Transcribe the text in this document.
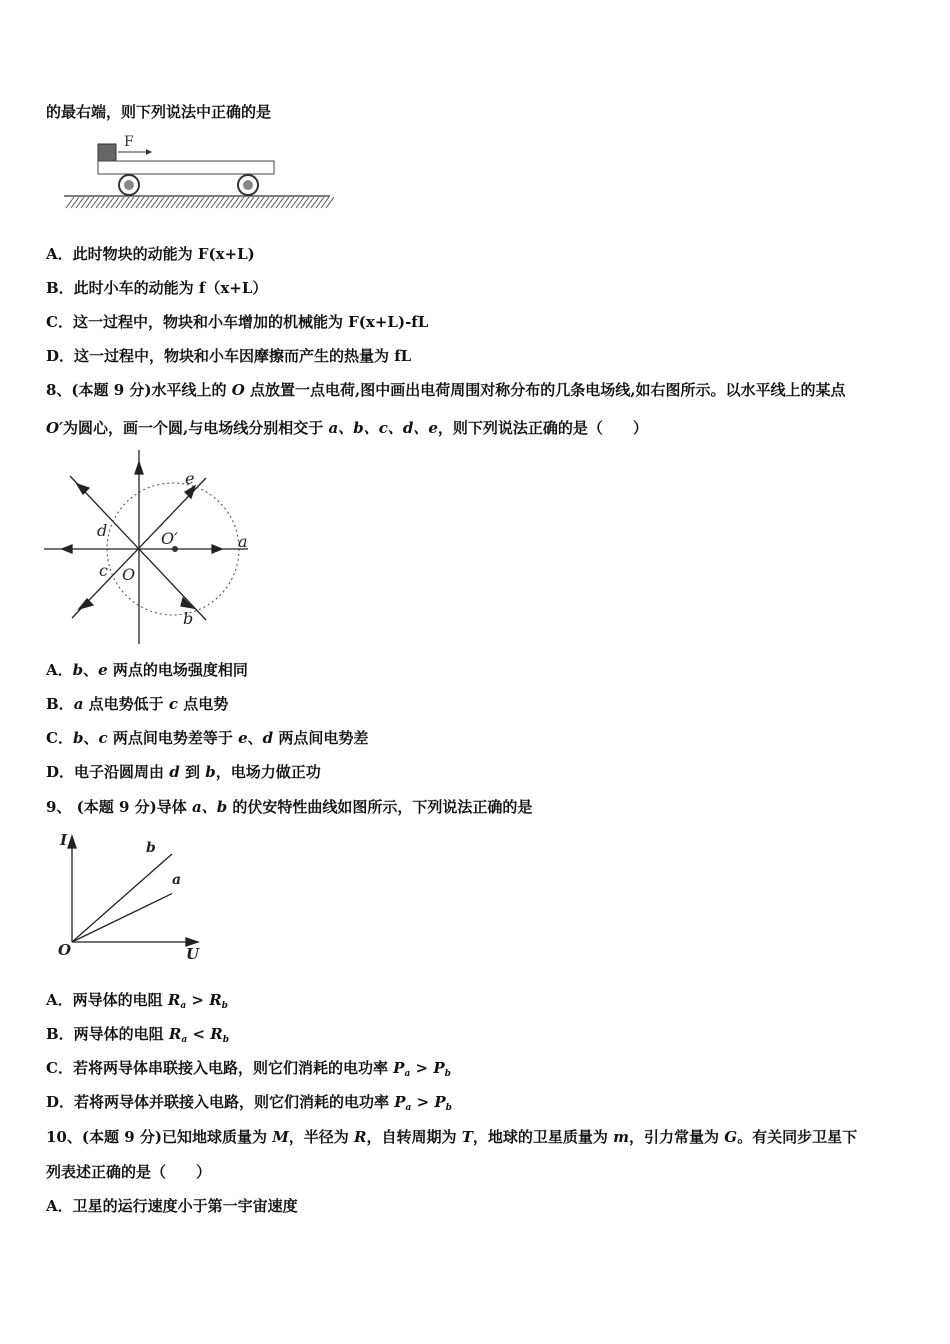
的最右端，则下列说法中正确的是
F
A．此时物块的动能为 F(x+L)
B．此时小车的动能为 f（x+L）
C．这一过程中，物块和小车增加的机械能为 F(x+L)-fL
D．这一过程中，物块和小车因摩擦而产生的热量为 fL
8、(本题 9 分)水平线上的 O 点放置一点电荷,图中画出电荷周围对称分布的几条电场线,如右图所示。以水平线上的某点
O′为圆心，画一个圆,与电场线分别相交于 a、b、c、d、e，则下列说法正确的是（　　）
a
b
c
d
e
O
O′
A．b、e 两点的电场强度相同
B．a 点电势低于 c 点电势
C．b、c 两点间电势差等于 e、d 两点间电势差
D．电子沿圆周由 d 到 b，电场力做正功
9、 (本题 9 分)导体 a、b 的伏安特性曲线如图所示，下列说法正确的是
I
U
O
b
a
A．两导体的电阻 $R_a > R_b$
B．两导体的电阻 $R_a < R_b$
C．若将两导体串联接入电路，则它们消耗的电功率 $P_a > P_b$
D．若将两导体并联接入电路，则它们消耗的电功率 $P_a > P_b$
10、(本题 9 分)已知地球质量为 M，半径为 R，自转周期为 T，地球的卫星质量为 m，引力常量为 G。有关同步卫星下
列表述正确的是（　　）
A．卫星的运行速度小于第一宇宙速度
